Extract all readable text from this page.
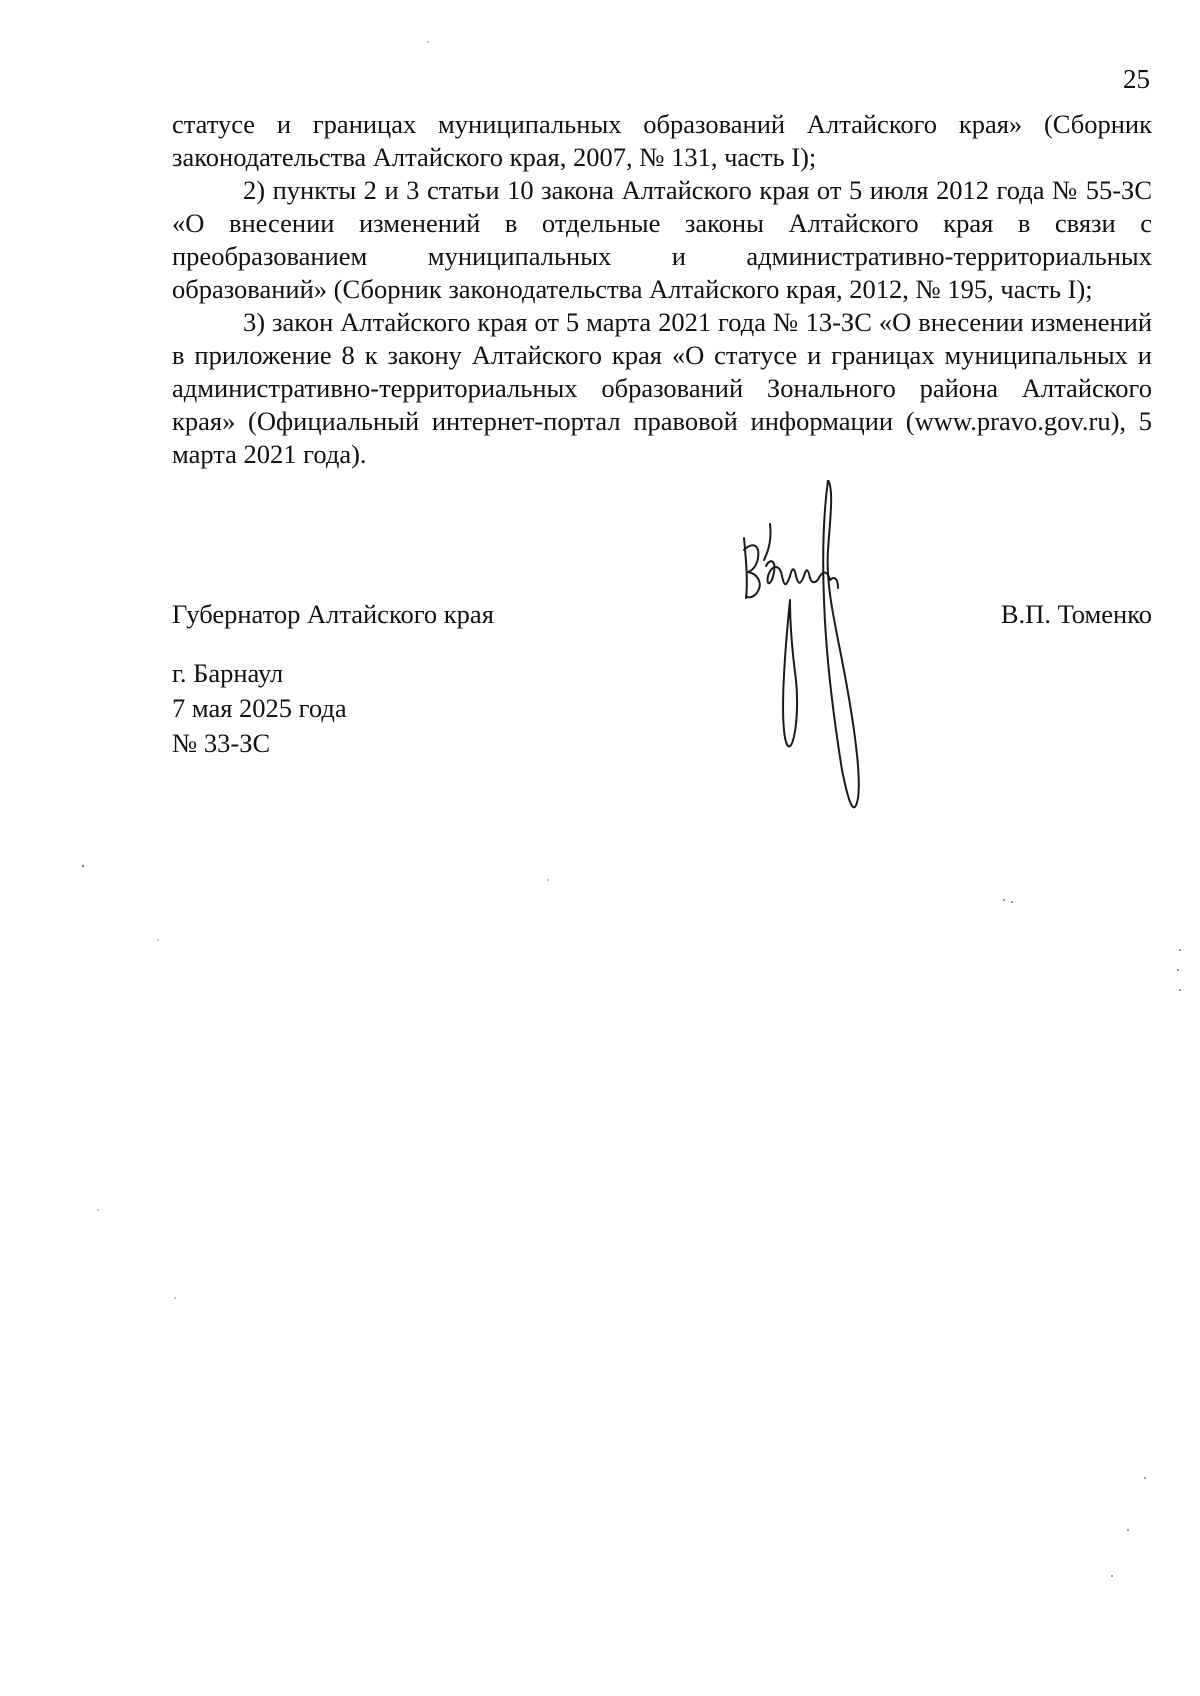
25

статусе и границах муниципальных образований Алтайского края» (Сборник законодательства Алтайского края, 2007, № 131, часть I);

2) пункты 2 и 3 статьи 10 закона Алтайского края от 5 июля 2012 года № 55-ЗС «О внесении изменений в отдельные законы Алтайского края в связи с преобразованием муниципальных и административно-территориальных образований» (Сборник законодательства Алтайского края, 2012, № 195, часть I);

3) закон Алтайского края от 5 марта 2021 года № 13-ЗС «О внесении изменений в приложение 8 к закону Алтайского края «О статусе и границах муниципальных и административно-территориальных образований Зонального района Алтайского края» (Официальный интернет-портал правовой информации (www.pravo.gov.ru), 5 марта 2021 года).

Губернатор Алтайского края	В.П. Томенко
г. Барнаул
7 мая 2025 года
№ 33-ЗС
